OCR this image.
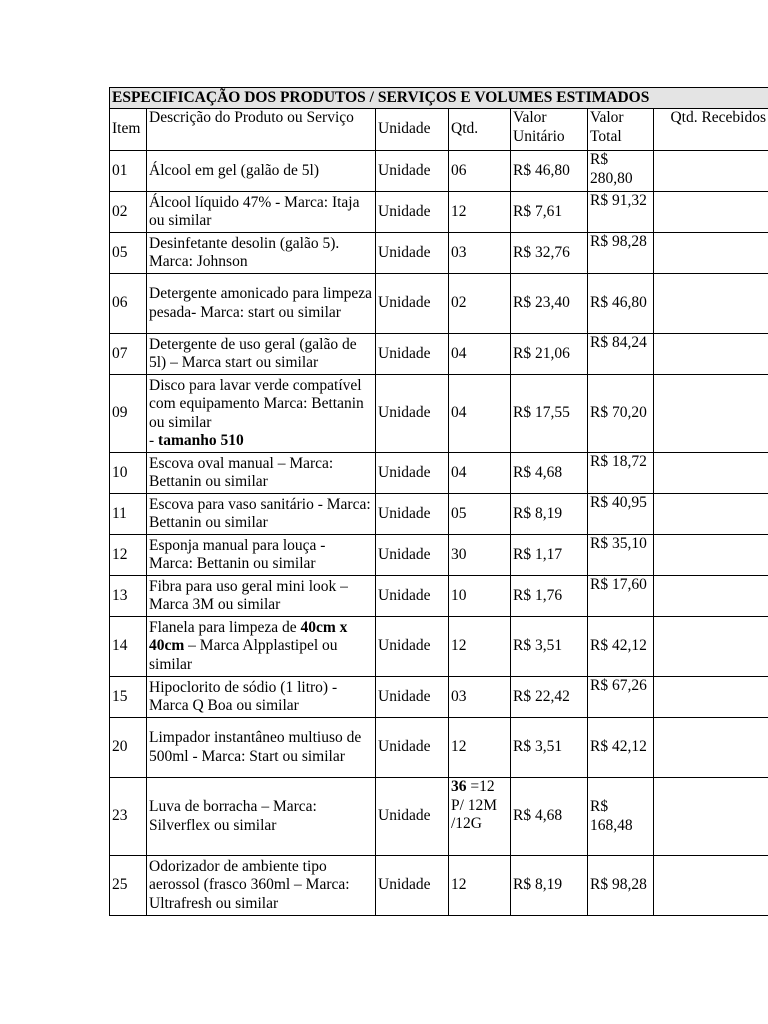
ESPECIFICAÇÃO DOS PRODUTOS / SERVIÇOS E VOLUMES ESTIMADOS						
Item	Descrição do Produto ou Serviço	Unidade	Qtd.	Valor Unitário	Valor Total	Qtd. Recebidos
01	Álcool em gel (galão de 5l)	Unidade	06	R$ 46,80	R$ 280,80	
02	Álcool líquido 47% - Marca: Itaja ou similar	Unidade	12	R$ 7,61	R$ 91,32	
05	Desinfetante desolin (galão 5). Marca: Johnson	Unidade	03	R$ 32,76	R$ 98,28	
06	Detergente amonicado para limpeza pesada- Marca: start ou similar	Unidade	02	R$ 23,40	R$ 46,80	
07	Detergente de uso geral (galão de 5l) – Marca start ou similar	Unidade	04	R$ 21,06	R$ 84,24	
09	Disco para lavar verde compatível com equipamento Marca: Bettanin ou similar
- tamanho 510	Unidade	04	R$ 17,55	R$ 70,20	
10	Escova oval manual – Marca: Bettanin ou similar	Unidade	04	R$ 4,68	R$ 18,72	
11	Escova para vaso sanitário - Marca: Bettanin ou similar	Unidade	05	R$ 8,19	R$ 40,95	
12	Esponja manual para louça - Marca: Bettanin ou similar	Unidade	30	R$ 1,17	R$ 35,10	
13	Fibra para uso geral mini look – Marca 3M ou similar	Unidade	10	R$ 1,76	R$ 17,60	
14	Flanela para limpeza de 40cm x 40cm – Marca Alpplastipel ou similar	Unidade	12	R$ 3,51	R$ 42,12	
15	Hipoclorito de sódio (1 litro) - Marca Q Boa ou similar	Unidade	03	R$ 22,42	R$ 67,26	
20	Limpador instantâneo multiuso de 500ml - Marca: Start ou similar	Unidade	12	R$ 3,51	R$ 42,12	
23	Luva de borracha – Marca: Silverflex ou similar	Unidade	36 =12 P/ 12M /12G	R$ 4,68	R$ 168,48	
25	Odorizador de ambiente tipo aerossol (frasco 360ml – Marca: Ultrafresh ou similar	Unidade	12	R$ 8,19	R$ 98,28	
